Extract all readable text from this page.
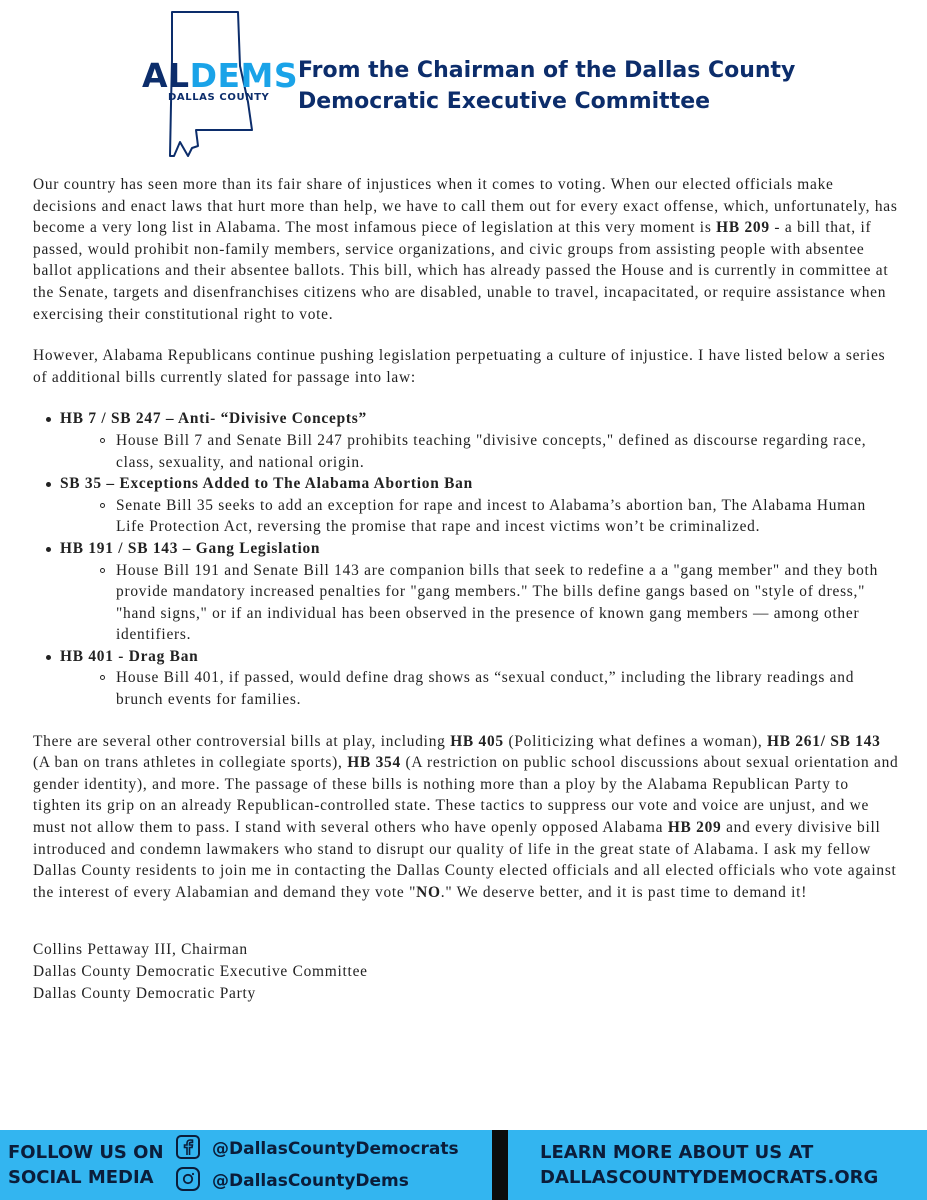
ALDEMS
DALLAS COUNTY
From the Chairman of the Dallas County
Democratic Executive Committee

Our country has seen more than its fair share of injustices when it comes to voting. When our elected officials make decisions and enact laws that hurt more than help, we have to call them out for every exact offense, which, unfortunately, has become a very long list in Alabama. The most infamous piece of legislation at this very moment is HB 209 - a bill that, if passed, would prohibit non-family members, service organizations, and civic groups from assisting people with absentee ballot applications and their absentee ballots. This bill, which has already passed the House and is currently in committee at the Senate, targets and disenfranchises citizens who are disabled, unable to travel, incapacitated, or require assistance when exercising their constitutional right to vote.

However, Alabama Republicans continue pushing legislation perpetuating a culture of injustice. I have listed below a series of additional bills currently slated for passage into law:

HB 7 / SB 247 – Anti- “Divisive Concepts”
House Bill 7 and Senate Bill 247 prohibits teaching "divisive concepts," defined as discourse regarding race, class, sexuality, and national origin.
SB 35 – Exceptions Added to The Alabama Abortion Ban
Senate Bill 35 seeks to add an exception for rape and incest to Alabama’s abortion ban, The Alabama Human Life Protection Act, reversing the promise that rape and incest victims won’t be criminalized.
HB 191 / SB 143 – Gang Legislation
House Bill 191 and Senate Bill 143 are companion bills that seek to redefine a a "gang member" and they both provide mandatory increased penalties for "gang members." The bills define gangs based on "style of dress," "hand signs," or if an individual has been observed in the presence of known gang members — among other identifiers.
HB 401 - Drag Ban
House Bill 401, if passed, would define drag shows as “sexual conduct,” including the library readings and brunch events for families.

There are several other controversial bills at play, including HB 405 (Politicizing what defines a woman), HB 261/ SB 143 (A ban on trans athletes in collegiate sports), HB 354 (A restriction on public school discussions about sexual orientation and gender identity), and more. The passage of these bills is nothing more than a ploy by the Alabama Republican Party to tighten its grip on an already Republican-controlled state. These tactics to suppress our vote and voice are unjust, and we must not allow them to pass. I stand with several others who have openly opposed Alabama HB 209 and every divisive bill introduced and condemn lawmakers who stand to disrupt our quality of life in the great state of Alabama. I ask my fellow Dallas County residents to join me in contacting the Dallas County elected officials and all elected officials who vote against the interest of every Alabamian and demand they vote "NO." We deserve better, and it is past time to demand it!

Collins Pettaway III, Chairman
Dallas County Democratic Executive Committee
Dallas County Democratic Party
FOLLOW US ON
SOCIAL MEDIA
@DallasCountyDemocrats
@DallasCountyDems
LEARN MORE ABOUT US AT
DALLASCOUNTYDEMOCRATS.ORG
